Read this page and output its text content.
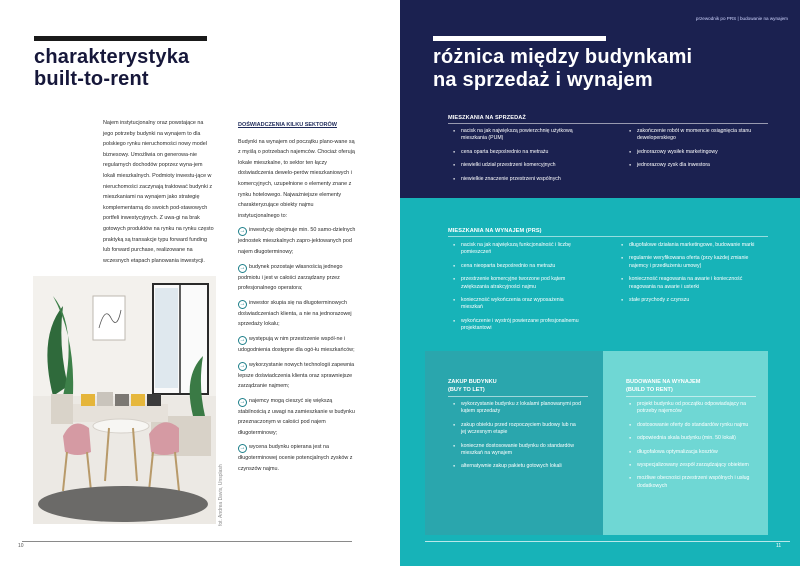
charakterystyka
built-to-rent
Najem instytucjonalny oraz powstające na jego potrzeby budynki na wynajem to dla polskiego rynku nieruchomości nowy model biznesowy. Umożliwia on generowa-nie regularnych dochodów poprzez wyna-jem lokali mieszkalnych. Podmioty inwestu-jące w nieruchomości zaczynają traktować budynki z mieszkaniami na wynajem jako strategię komplementarną do swoich pod-stawowych portfeli inwestycyjnych. Z uwa-gi na brak gotowych produktów na rynku na rynku często praktyką są transakcje typu forward funding lub forward purchase, realizowane na wczesnych etapach planowania inwestycji.
DOŚWIADCZENIA KILKU SEKTORÓW
Budynki na wynajem od początku plano-wane są z myślą o potrzebach najemców. Chociaż oferują lokale mieszkalne, to sektor ten łączy doświadczenia dewelo-perów mieszkaniowych i komercyjnych, uzupełnione o elementy znane z rynku hotelowego. Najważniejsze elementy charakteryzujące obiekty najmu instytucjonalnego to:
→ inwestycję obejmuje min. 50 samo-dzielnych jednostek mieszkalnych zapro-jektowanych pod najem długoterminowy;
→ budynek pozostaje własnością jednego podmiotu i jest w całości zarządzany przez profesjonalnego operatora;
→ inwestor skupia się na długoterminowych doświadczeniach klienta, a nie na jednorazowej sprzedaży lokalu;
→ występują w nim przestrzenie wspól-ne i udogodnienia dostępne dla ogó-łu mieszkańców;
→ wykorzystanie nowych technologii zapewnia lepsze doświadczenia klienta oraz sprawniejsze zarządzanie najmem;
→ najemcy mogą cieszyć się większą stabilnością z uwagi na zamieszkanie w budynku przeznaczonym w całości pod najem długoterminowy;
→ wycena budynku opierana jest na długoterminowej ocenie potencjalnych zysków z czynszów najmu.
fot. Andrea Davis, Unsplash
10
przewodnik po PRS | budowanie na wynajem
różnica między budynkami
na sprzedaż i wynajem
MIESZKANIA NA SPRZEDAŻ
● nacisk na jak największą powierzchnię użytkową mieszkania (PUM)
● cena oparta bezpośrednio na metrażu
● niewielki udział przestrzeni komercyjnych
● niewielkie znaczenie przestrzeni wspólnych
● zakończenie robót w momencie osiągnięcia stanu deweloperskiego
● jednorazowy wysiłek marketingowy
● jednorazowy zysk dla inwestora
MIESZKANIA NA WYNAJEM (PRS)
● nacisk na jak największą funkcjonalność i liczbę pomieszczeń
● cena nieoparta bezpośrednio na metrażu
● przestrzenie komercyjne tworzone pod kątem zwiększania atrakcyjności najmu
● konieczność wykończenia oraz wyposażenia mieszkań
● wykończenie i wystrój powierzane profesjonalnemu projektantowi
● długofalowe działania marketingowe, budowanie marki
● regularnie weryfikowana oferta (przy każdej zmianie najemcy i przedłużeniu umowy)
● konieczność reagowania na awarie i konieczność reagowania na awarie i usterki
● stałe przychody z czynszu
ZAKUP BUDYNKU
(BUY TO LET)
● wykorzystanie budynku z lokalami planowanymi pod kątem sprzedaży
● zakup obiektu przed rozpoczęciem budowy lub na jej wczesnym etapie
● konieczne dostosowanie budynku do standardów mieszkań na wynajem
● alternatywnie zakup pakietu gotowych lokali
BUDOWANIE NA WYNAJEM
(BUILD TO RENT)
● projekt budynku od początku odpowiadający na potrzeby najemców
● dostosowanie oferty do standardów rynku najmu
● odpowiednia skala budynku (min. 50 lokali)
● długofalowa optymalizacja kosztów
● wyspecjalizowany zespół zarządzający obiektem
● możliwe obecności przestrzeni wspólnych i usług dodatkowych
11
